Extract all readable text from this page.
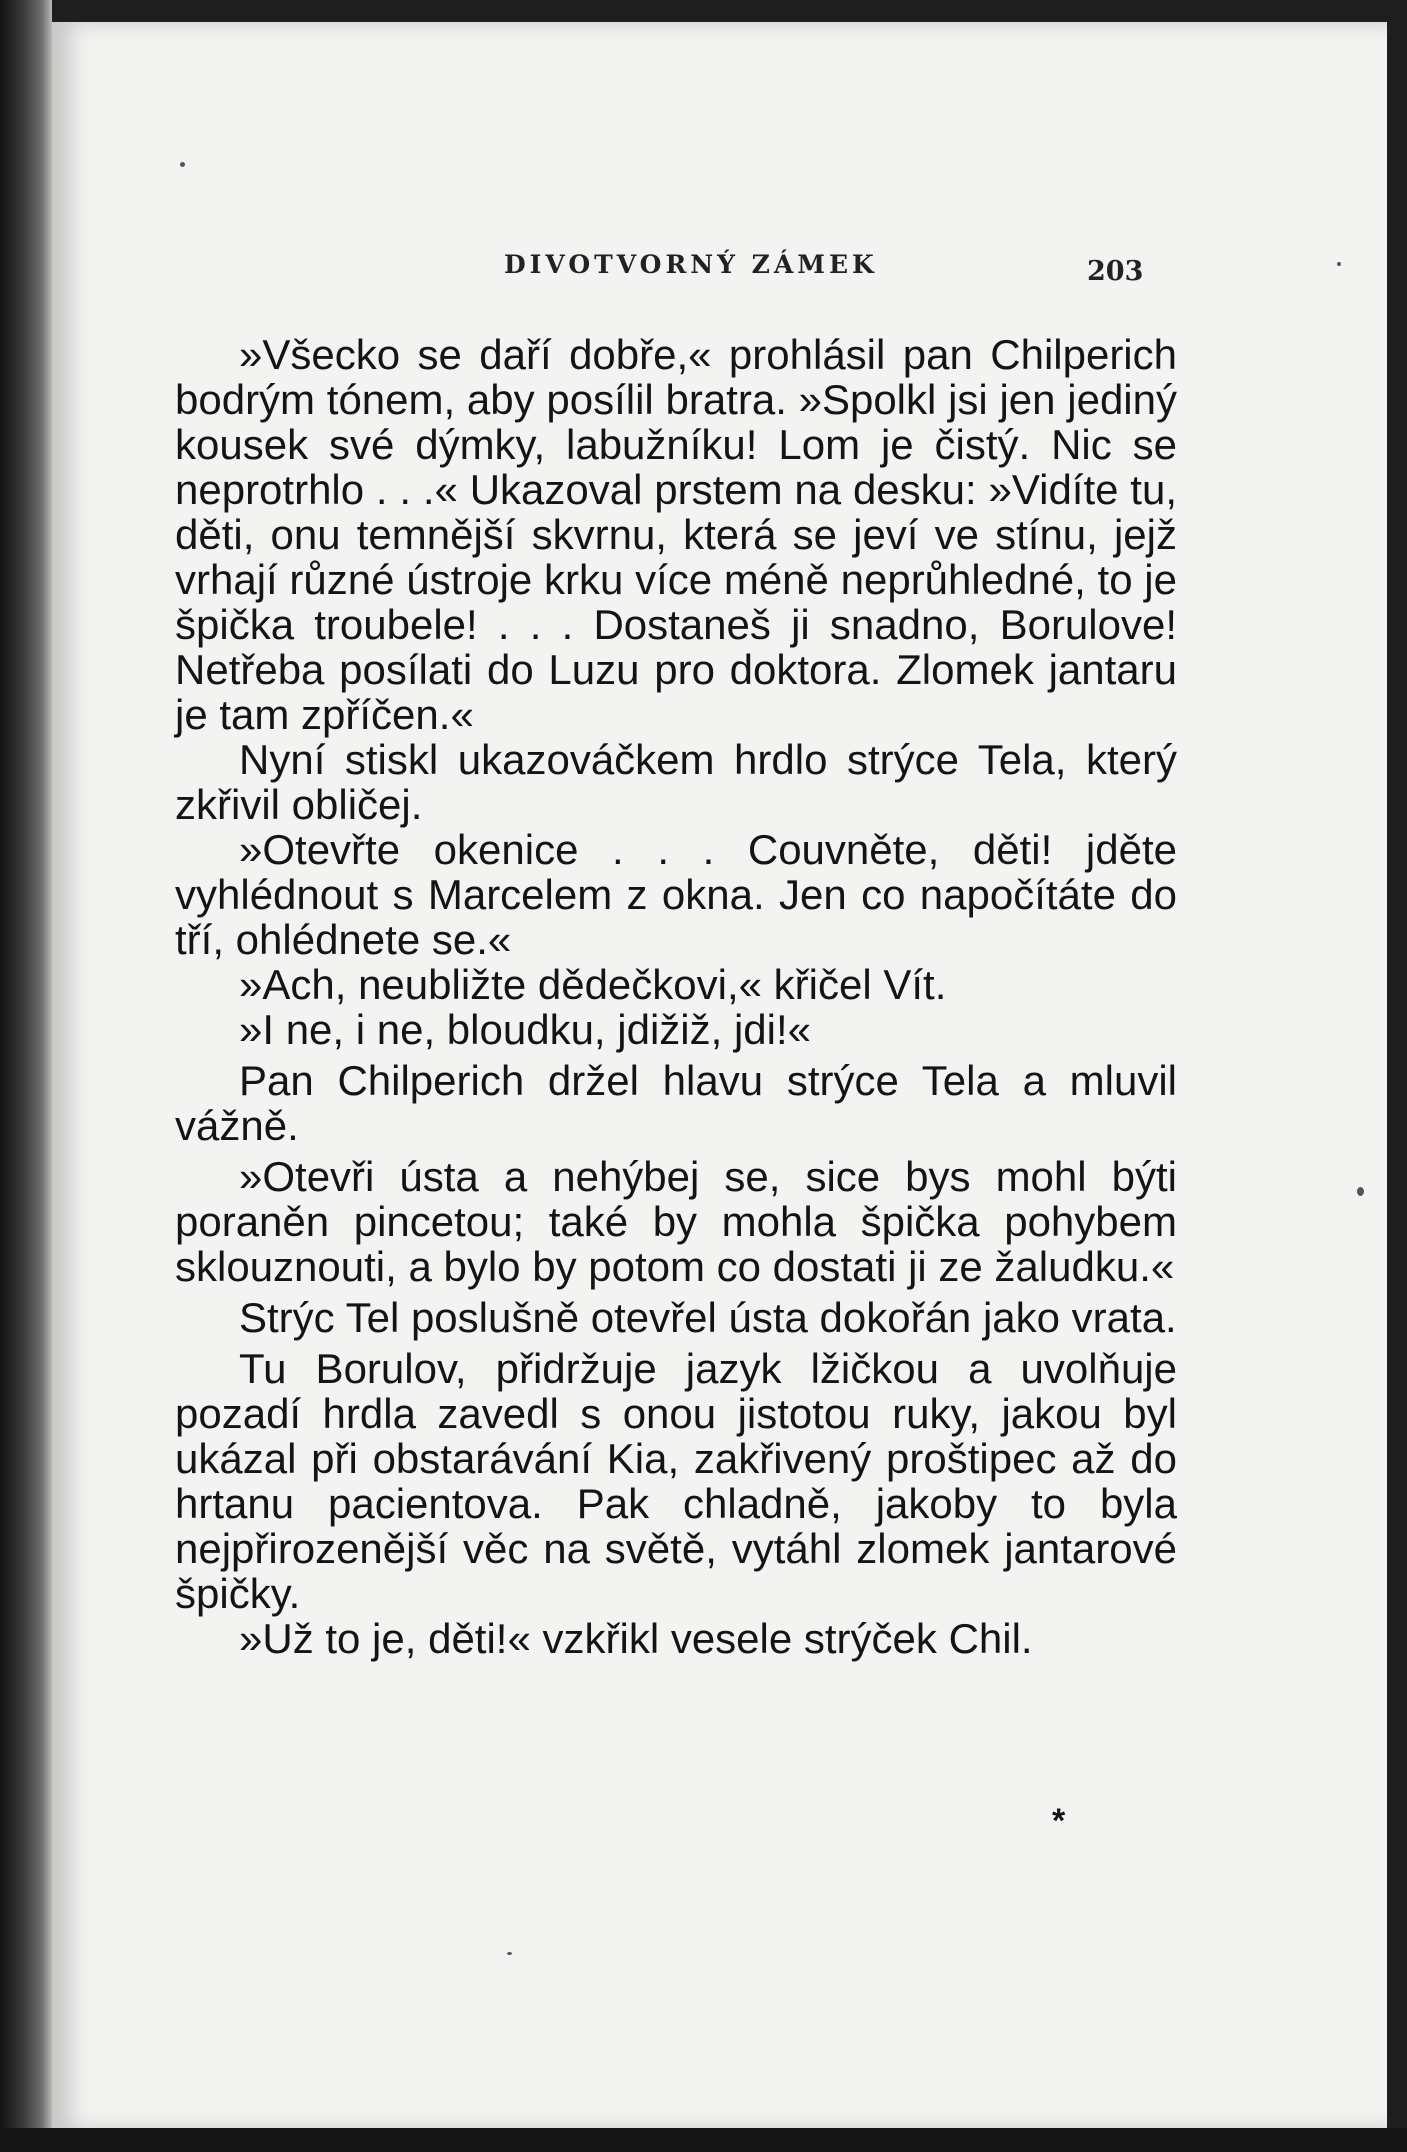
DIVOTVORNÝ ZÁMEK	203

»Všecko se daří dobře,« prohlásil pan Chilperich bodrým tónem, aby posílil bratra. »Spolkl jsi jen jediný kousek své dýmky, labužníku! Lom je čistý. Nic se neprotrhlo . . .« Ukazoval prstem na desku: »Vidíte tu, děti, onu temnější skvrnu, která se jeví ve stínu, jejž vrhají různé ústroje krku více méně neprůhledné, to je špička troubele! . . . Dostaneš ji snadno, Borulove! Netřeba posílati do Luzu pro doktora. Zlomek jantaru je tam zpříčen.«

Nyní stiskl ukazováčkem hrdlo strýce Tela, který zkřivil obličej.

»Otevřte okenice . . . Couvněte, děti! jděte vyhlédnout s Marcelem z okna. Jen co napočítáte do tří, ohlédnete se.«

»Ach, neubližte dědečkovi,« křičel Vít.

»I ne, i ne, bloudku, jdižiž, jdi!«

Pan Chilperich držel hlavu strýce Tela a mluvil vážně.

»Otevři ústa a nehýbej se, sice bys mohl býti poraněn pincetou; také by mohla špička pohybem sklouznouti, a bylo by potom co dostati ji ze žaludku.«

Strýc Tel poslušně otevřel ústa dokořán jako vrata.

Tu Borulov, přidržuje jazyk lžičkou a uvolňuje pozadí hrdla zavedl s onou jistotou ruky, jakou byl ukázal při obstarávání Kia, zakřivený proštipec až do hrtanu pacientova. Pak chladně, jakoby to byla nejpřirozenější věc na světě, vytáhl zlomek jantarové špičky.

»Už to je, děti!« vzkřikl vesele strýček Chil.

*
